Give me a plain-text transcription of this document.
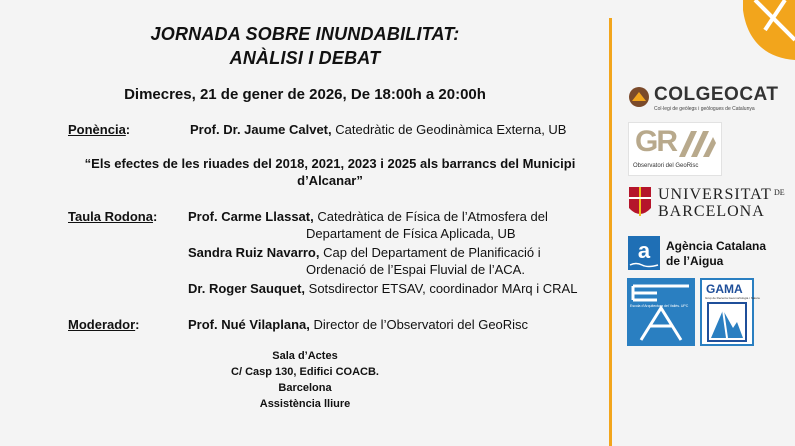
JORNADA SOBRE INUNDABILITAT:
ANÀLISI I DEBAT
Dimecres, 21 de gener de 2026, De 18:00h a 20:00h
Ponència:	Prof. Dr. Jaume Calvet, Catedràtic de Geodinàmica Externa, UB
“Els efectes de les riuades del 2018, 2021, 2023 i 2025 als barrancs del Municipi
d’Alcanar”
Taula Rodona: Prof. Carme Llassat, Catedràtica de Física de l’Atmosfera del
Departament de Física Aplicada, UB
Sandra Ruiz Navarro, Cap del Departament de Planificació i
Ordenació de l’Espai Fluvial de l’ACA.
Dr. Roger Sauquet, Sotsdirector ETSAV, coordinador MArq i CRAL
Moderador:	Prof. Nué Vilaplana, Director de l’Observatori del GeoRisc
Sala d’Actes
C/ Casp 130, Edifici COACB.
Barcelona
Assistència lliure
COLGEOCAT
Col·legi de geòlegs i geòlogues de Catalunya
GR
Observatori del GeoRisc
UNIVERSITAT DE
BARCELONA
a Agència Catalana
de l’Aigua
Escola d’Arquitectura del Vallès. UPC
GAMA
Grup de Recerca Geomorfologia i Natura
